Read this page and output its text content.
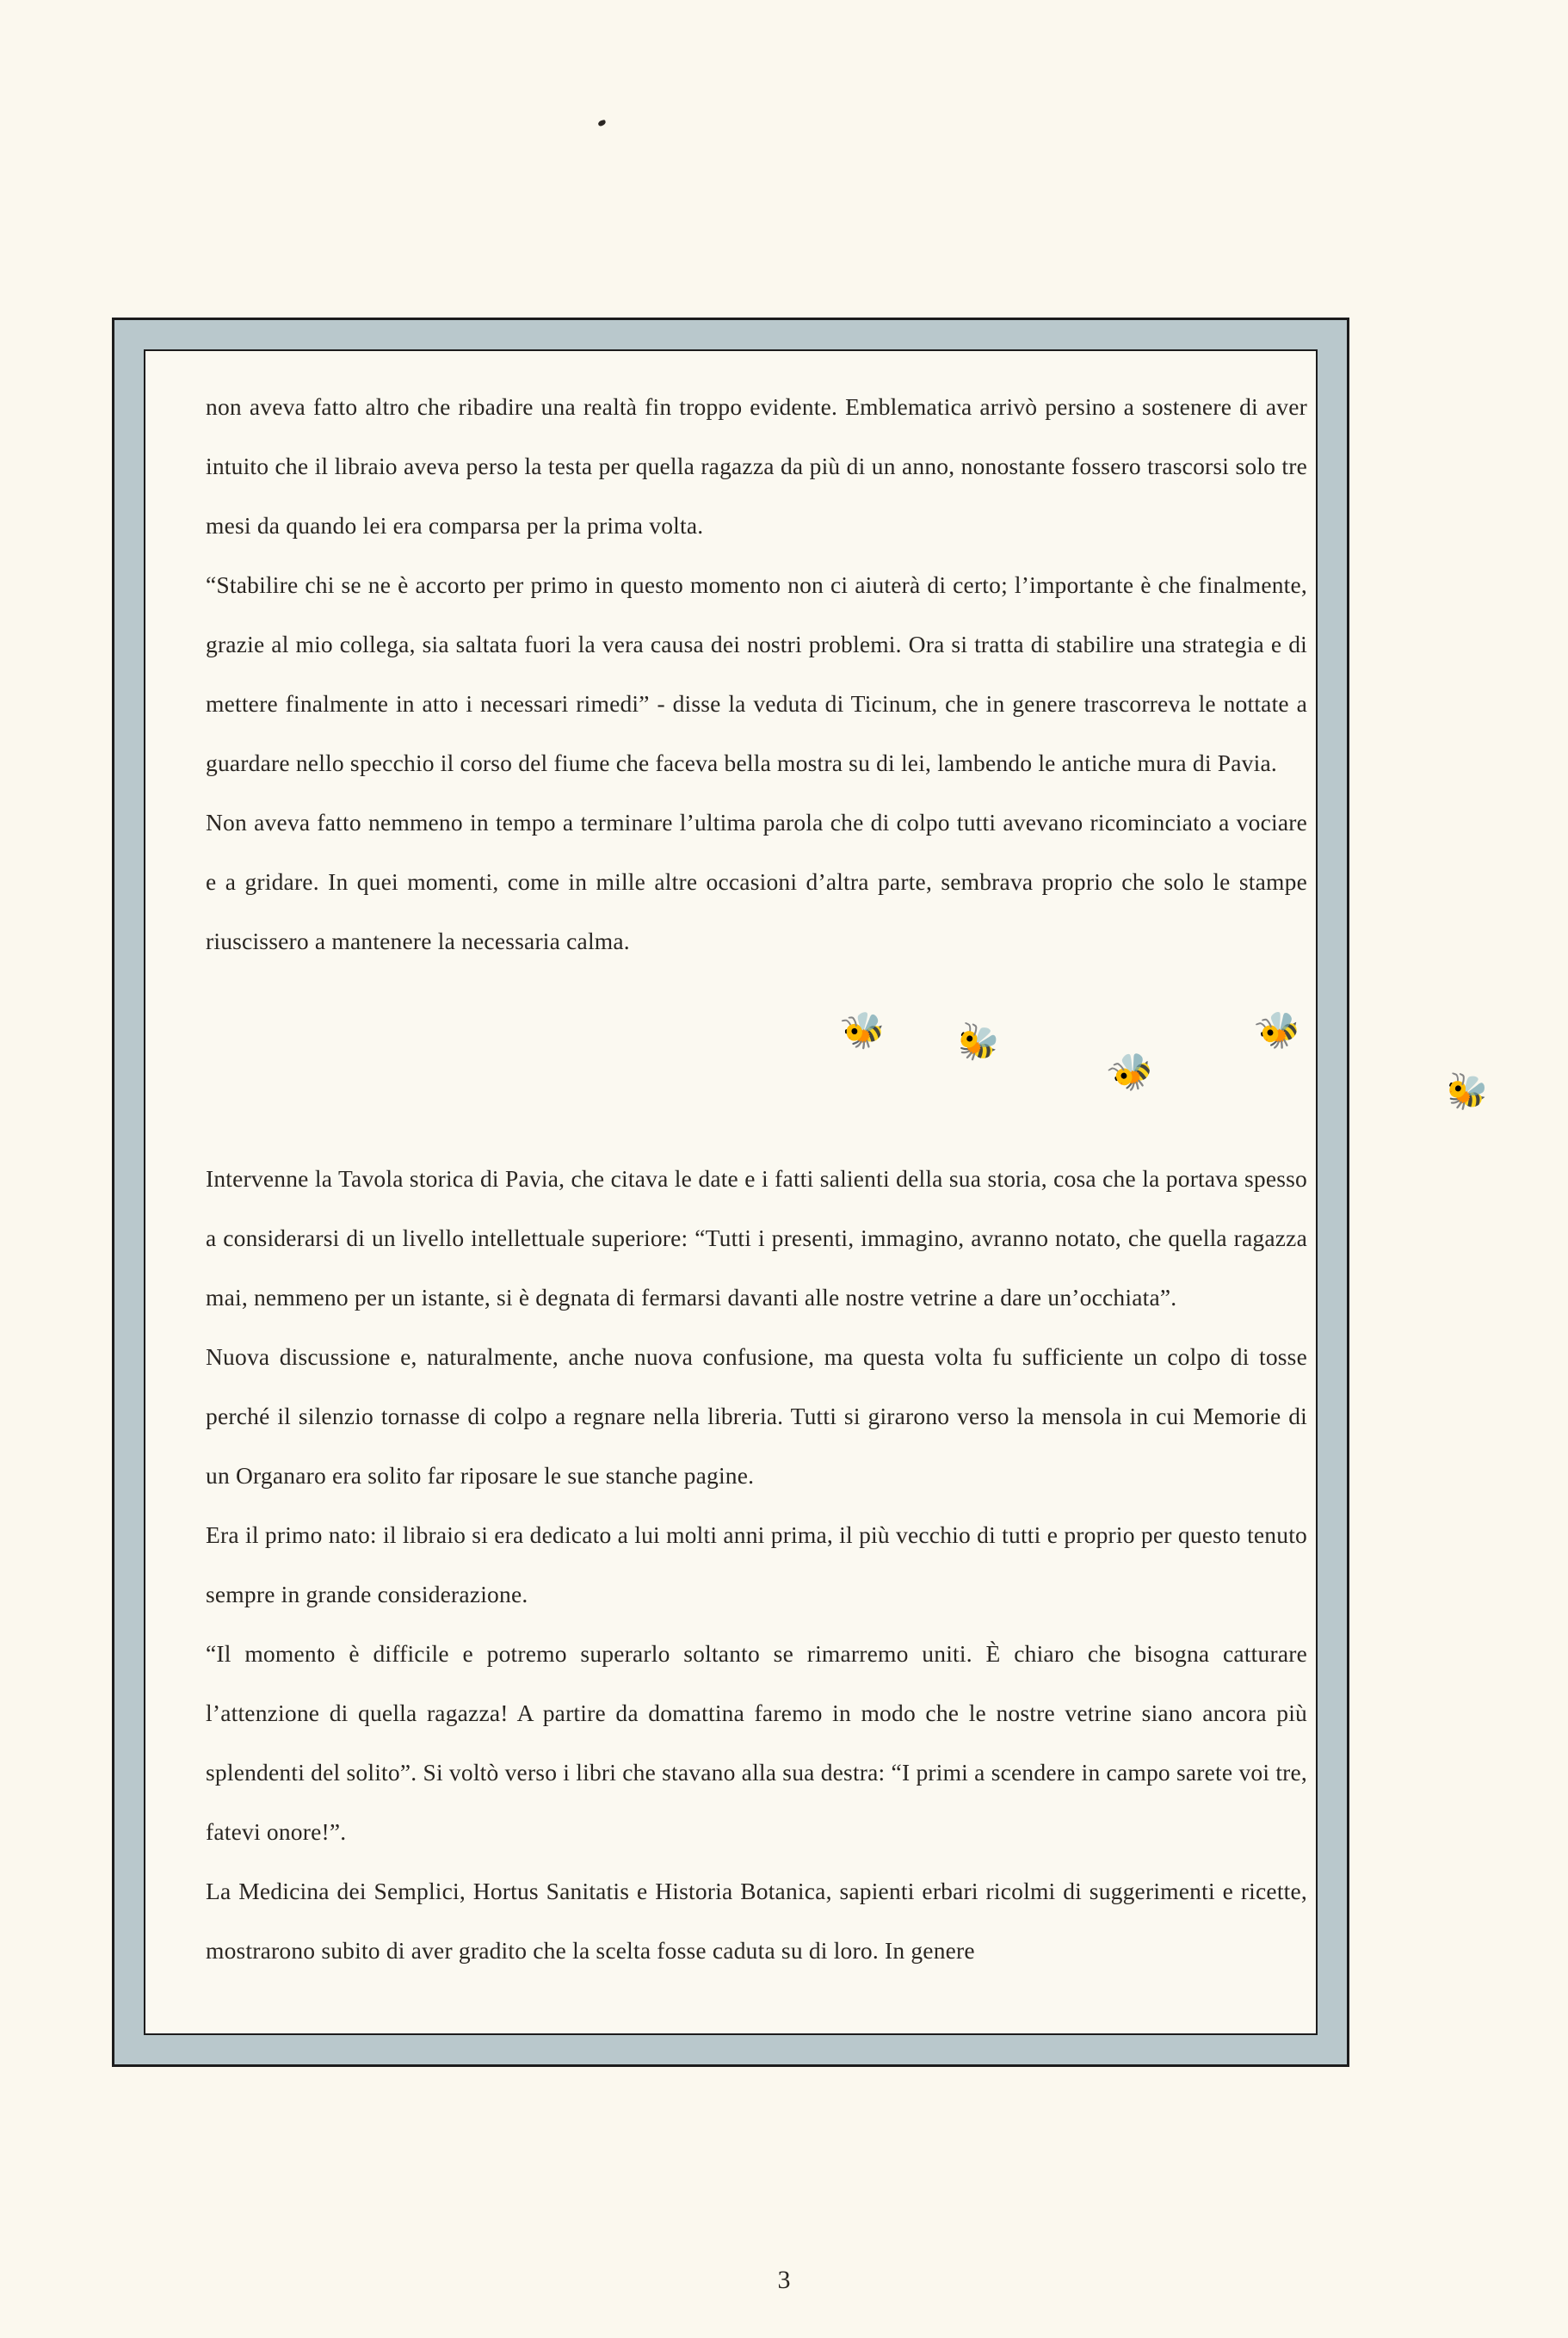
non aveva fatto altro che ribadire una realtà fin troppo evidente. Emblematica arrivò persino a sostenere di aver intuito che il libraio aveva perso la testa per quella ragazza da più di un anno, nonostante fossero trascorsi solo tre mesi da quando lei era comparsa per la prima volta.

“Stabilire chi se ne è accorto per primo in questo momento non ci aiuterà di certo; l’importante è che finalmente, grazie al mio collega, sia saltata fuori la vera causa dei nostri problemi. Ora si tratta di stabilire una strategia e di mettere finalmente in atto i necessari rimedi” - disse la veduta di Ticinum, che in genere trascorreva le nottate a guardare nello specchio il corso del fiume che faceva bella mostra su di lei, lambendo le antiche mura di Pavia.

Non aveva fatto nemmeno in tempo a terminare l’ultima parola che di colpo tutti avevano ricominciato a vociare e a gridare. In quei momenti, come in mille altre occasioni d’altra parte, sembrava proprio che solo le stampe riuscissero a mantenere la necessaria calma.

🐝 🐝
🐝
🐝
🐝

Intervenne la Tavola storica di Pavia, che citava le date e i fatti salienti della sua storia, cosa che la portava spesso a considerarsi di un livello intellettuale superiore: “Tutti i presenti, immagino, avranno notato, che quella ragazza mai, nemmeno per un istante, si è degnata di fermarsi davanti alle nostre vetrine a dare un’occhiata”.

Nuova discussione e, naturalmente, anche nuova confusione, ma questa volta fu sufficiente un colpo di tosse perché il silenzio tornasse di colpo a regnare nella libreria. Tutti si girarono verso la mensola in cui Memorie di un Organaro era solito far riposare le sue stanche pagine.

Era il primo nato: il libraio si era dedicato a lui molti anni prima, il più vecchio di tutti e proprio per questo tenuto sempre in grande considerazione.

“Il momento è difficile e potremo superarlo soltanto se rimarremo uniti. È chiaro che bisogna catturare l’attenzione di quella ragazza! A partire da domattina faremo in modo che le nostre vetrine siano ancora più splendenti del solito”. Si voltò verso i libri che stavano alla sua destra: “I primi a scendere in campo sarete voi tre, fatevi onore!”.

La Medicina dei Semplici, Hortus Sanitatis e Historia Botanica, sapienti erbari ricolmi di suggerimenti e ricette, mostrarono subito di aver gradito che la scelta fosse caduta su di loro. In genere

3
